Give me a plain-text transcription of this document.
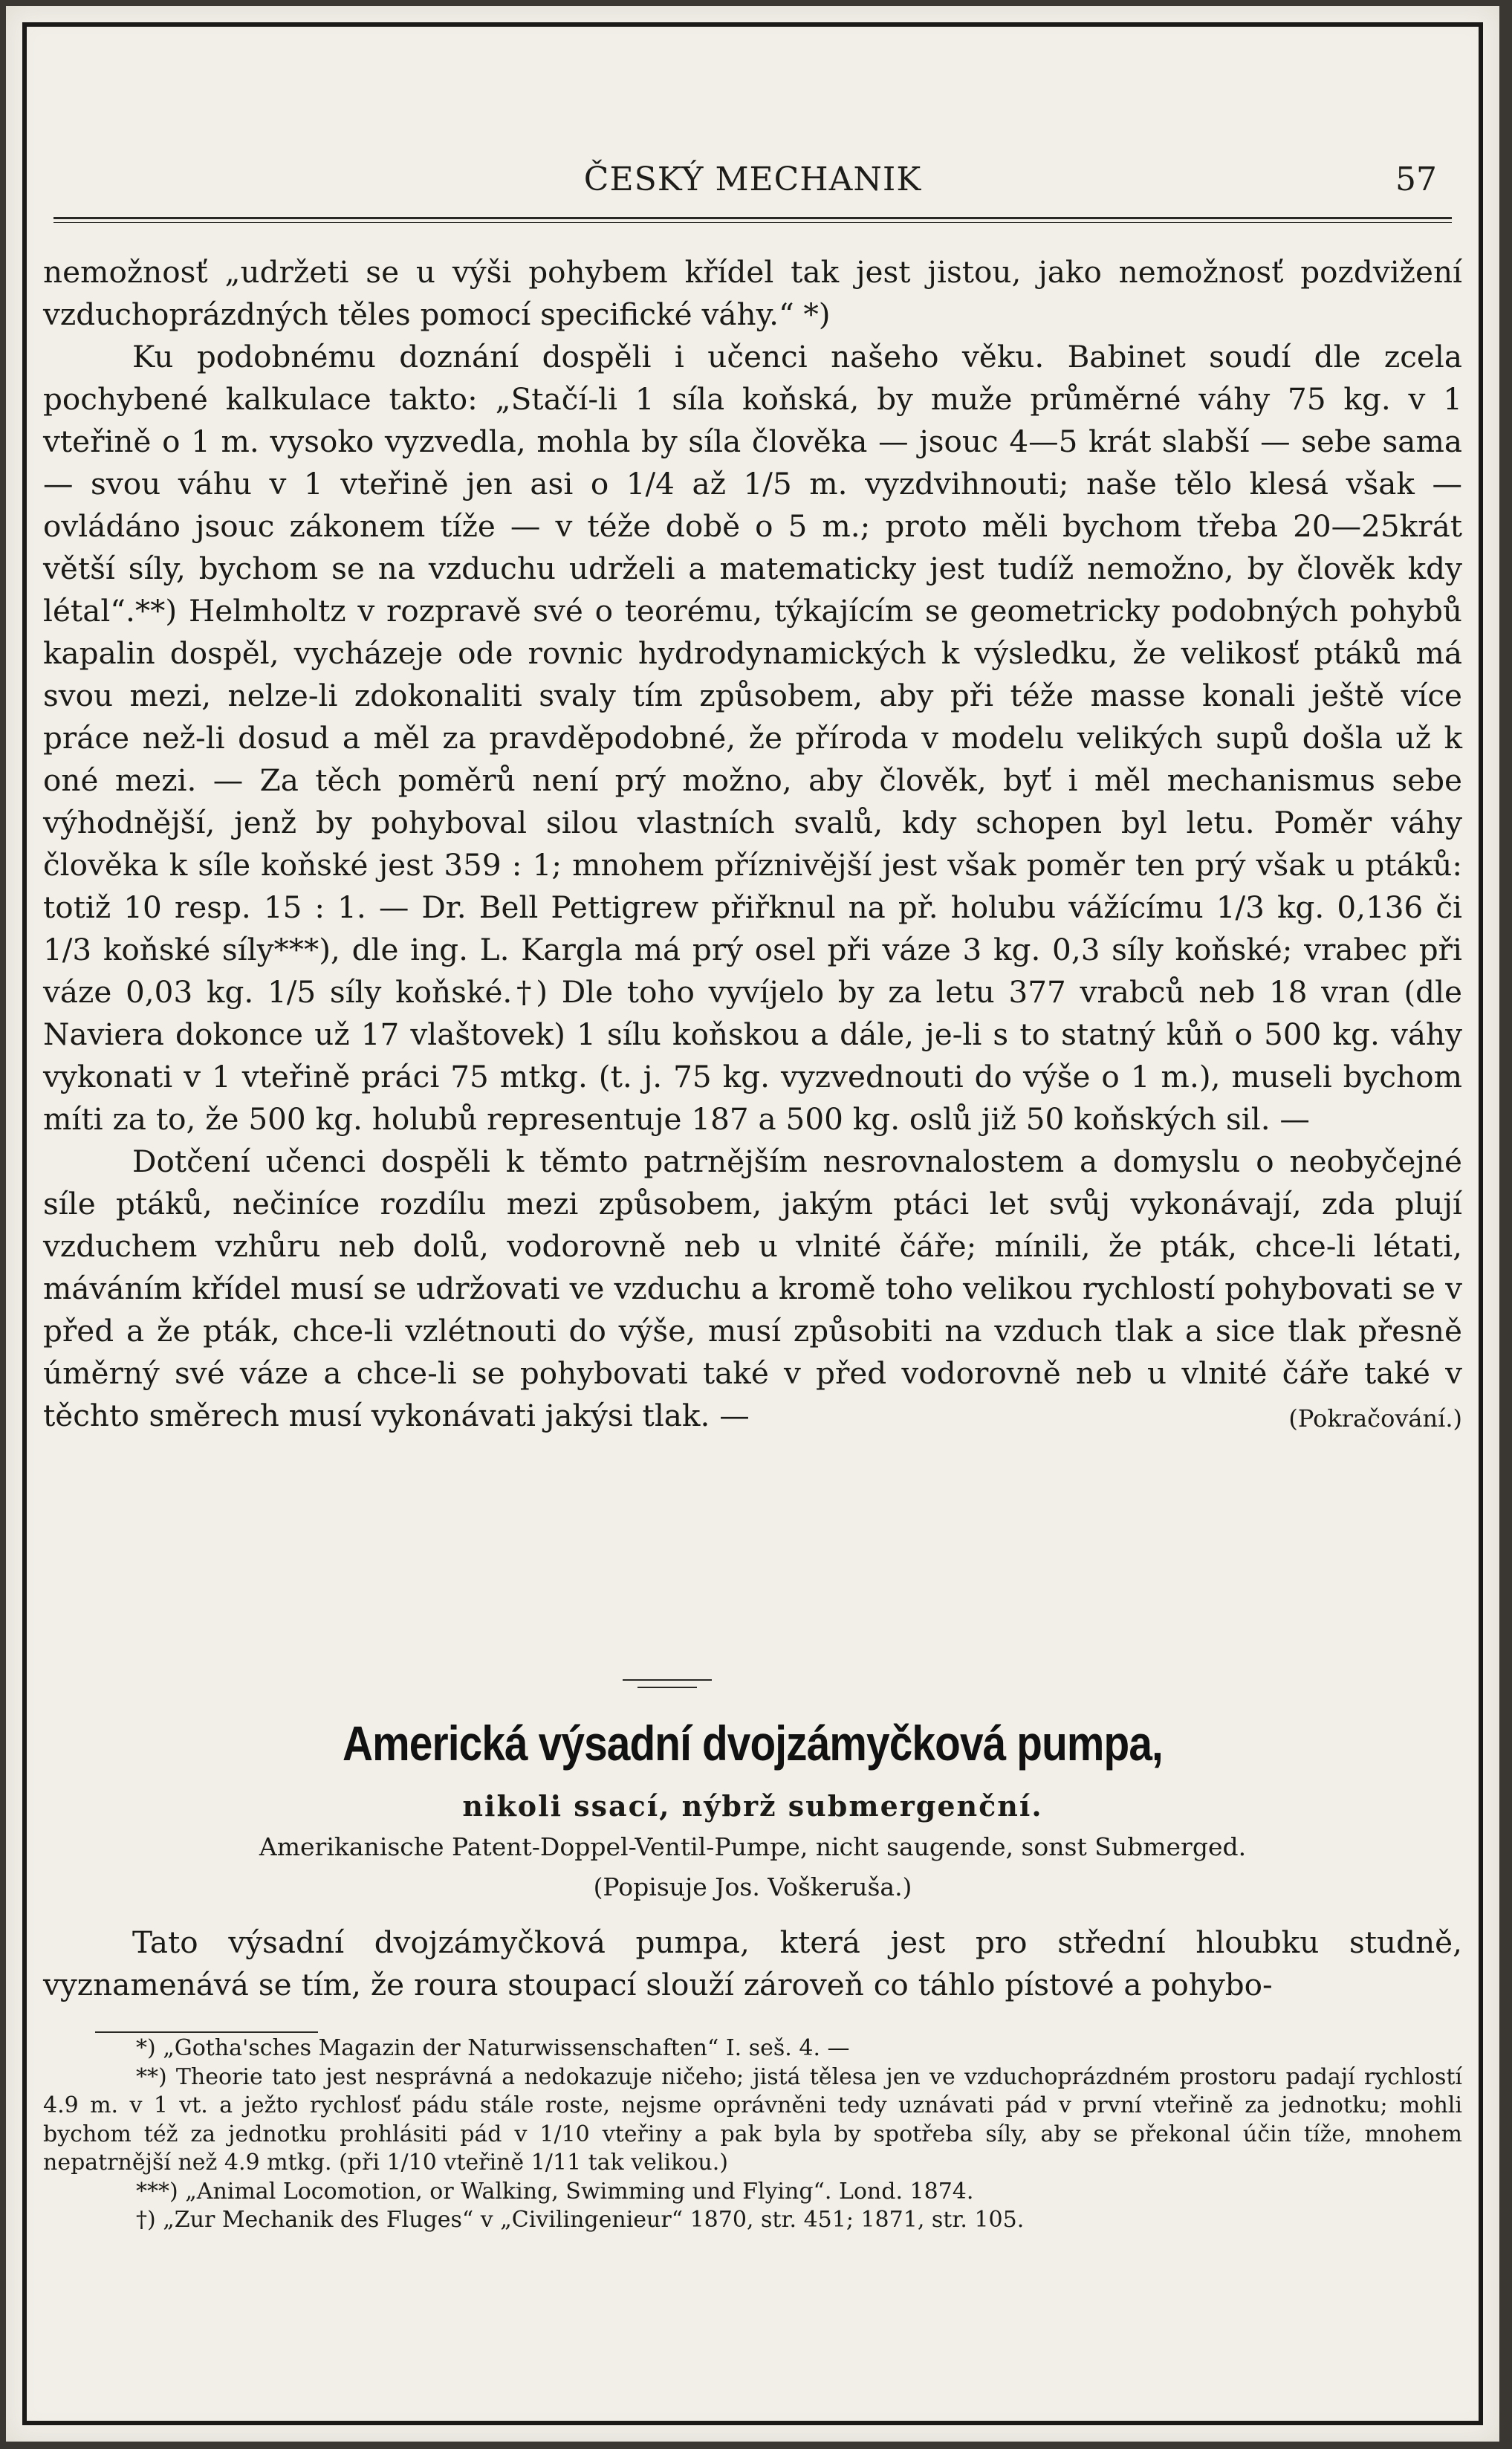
ČESKÝ MECHANIK	57

nemožnosť „udržeti se u výši pohybem křídel tak jest jistou, jako nemožnosť pozdvižení vzduchoprázdných těles pomocí specifické váhy.“ *)

Ku podobnému doznání dospěli i učenci našeho věku. Babinet soudí dle zcela pochybené kalkulace takto: „Stačí-li 1 síla koňská, by muže průměrné váhy 75 kg. v 1 vteřině o 1 m. vysoko vyzvedla, mohla by síla člověka — jsouc 4—5 krát slabší — sebe sama — svou váhu v 1 vteřině jen asi o 1/4 až 1/5 m. vyzdvihnouti; naše tělo klesá však — ovládáno jsouc zákonem tíže — v téže době o 5 m.; proto měli bychom třeba 20—25krát větší síly, bychom se na vzduchu udrželi a matematicky jest tudíž nemožno, by člověk kdy létal“.**) Helmholtz v rozpravě své o teorému, týkajícím se geometricky podobných pohybů kapalin dospěl, vycházeje ode rovnic hydrodynamických k výsledku, že velikosť ptáků má svou mezi, nelze-li zdokonaliti svaly tím způsobem, aby při téže masse konali ještě více práce než-li dosud a měl za pravděpodobné, že příroda v modelu velikých supů došla už k oné mezi. — Za těch poměrů není prý možno, aby člověk, byť i měl mechanismus sebe výhodnější, jenž by pohyboval silou vlastních svalů, kdy schopen byl letu. Poměr váhy člověka k síle koňské jest 359 : 1; mnohem příznivější jest však poměr ten prý však u ptáků: totiž 10 resp. 15 : 1. — Dr. Bell Pettigrew přiřknul na př. holubu vážícímu 1/3 kg. 0,136 či 1/3 koňské síly***), dle ing. L. Kargla má prý osel při váze 3 kg. 0,3 síly koňské; vrabec při váze 0,03 kg. 1/5 síly koňské.†) Dle toho vyvíjelo by za letu 377 vrabců neb 18 vran (dle Naviera dokonce už 17 vlaštovek) 1 sílu koňskou a dále, je-li s to statný kůň o 500 kg. váhy vykonati v 1 vteřině práci 75 mtkg. (t. j. 75 kg. vyzvednouti do výše o 1 m.), museli bychom míti za to, že 500 kg. holubů representuje 187 a 500 kg. oslů již 50 koňských sil. —

Dotčení učenci dospěli k těmto patrnějším nesrovnalostem a domyslu o neobyčejné síle ptáků, nečiníce rozdílu mezi způsobem, jakým ptáci let svůj vykonávají, zda plují vzduchem vzhůru neb dolů, vodorovně neb u vlnité čáře; mínili, že pták, chce-li létati, máváním křídel musí se udržovati ve vzduchu a kromě toho velikou rychlostí pohybovati se v před a že pták, chce-li vzlétnouti do výše, musí způsobiti na vzduch tlak a sice tlak přesně úměrný své váze a chce-li se pohybovati také v před vodorovně neb u vlnité čáře také v těchto směrech musí vykonávati jakýsi tlak. —	(Pokračování.)

Americká výsadní dvojzámyčková pumpa,
nikoli ssací, nýbrž submergenční.
Amerikanische Patent-Doppel-Ventil-Pumpe, nicht saugende, sonst Submerged.
(Popisuje Jos. Voškeruša.)

Tato výsadní dvojzámyčková pumpa, která jest pro střední hloubku studně, vyznamenává se tím, že roura stoupací slouží zároveň co táhlo pístové a pohybo-

*) „Gotha'sches Magazin der Naturwissenschaften“ I. seš. 4. —

**) Theorie tato jest nesprávná a nedokazuje ničeho; jistá tělesa jen ve vzduchoprázdném prostoru padají rychlostí 4.9 m. v 1 vt. a ježto rychlosť pádu stále roste, nejsme oprávněni tedy uznávati pád v první vteřině za jednotku; mohli bychom též za jednotku prohlásiti pád v 1/10 vteřiny a pak byla by spotřeba síly, aby se překonal účin tíže, mnohem nepatrnější než 4.9 mtkg. (při 1/10 vteřině 1/11 tak velikou.)

***) „Animal Locomotion, or Walking, Swimming und Flying“. Lond. 1874.

†) „Zur Mechanik des Fluges“ v „Civilingenieur“ 1870, str. 451; 1871, str. 105.
